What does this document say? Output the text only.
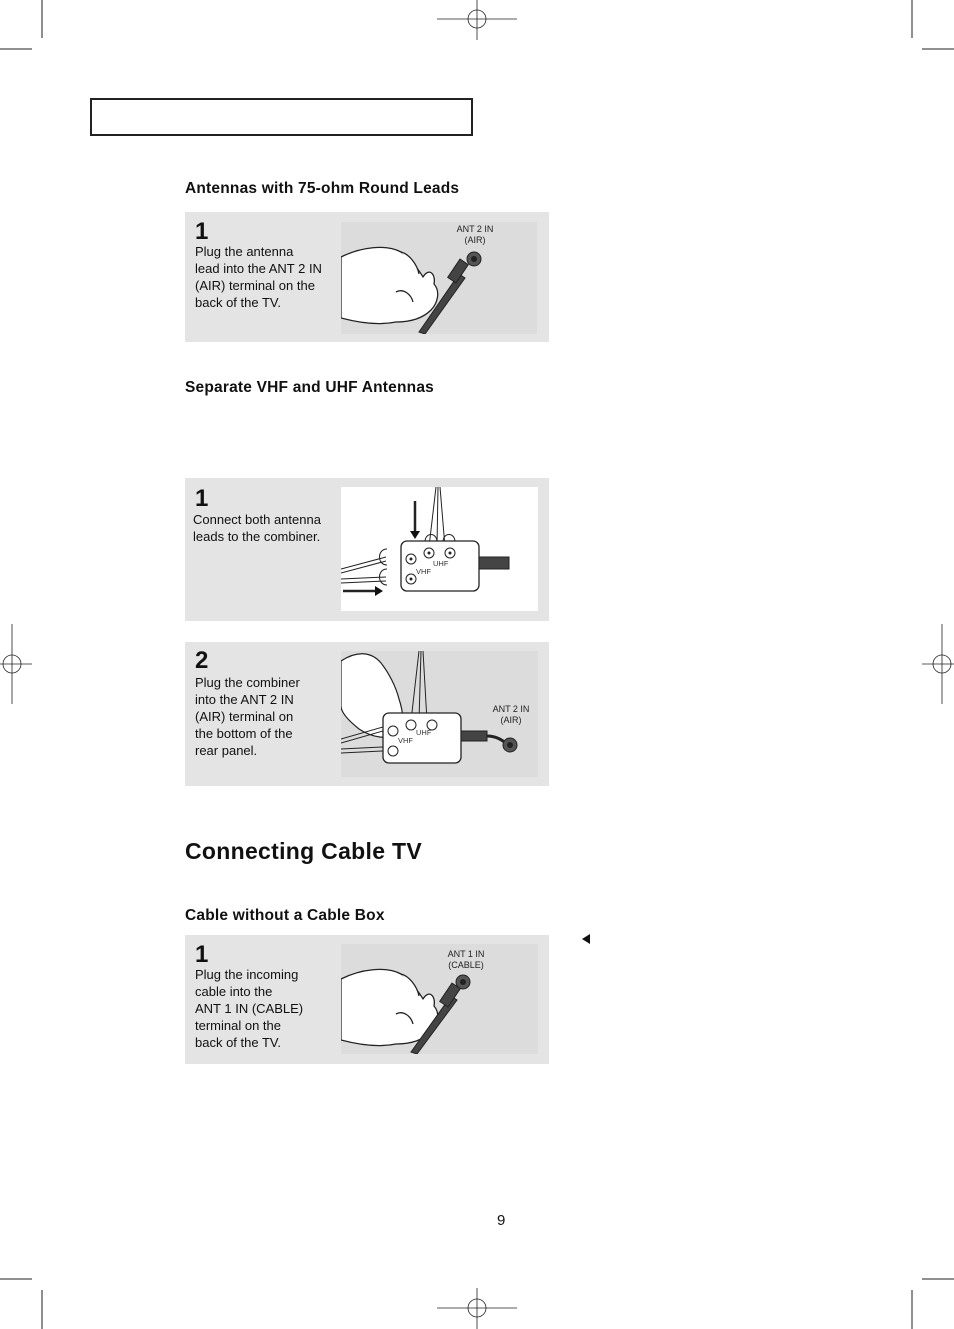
Antennas with 75-ohm Round Leads
1
Plug the antenna
lead into the ANT 2 IN
(AIR) terminal on the
back of the TV.
ANT 2 IN
(AIR)
Separate VHF and UHF Antennas
1
Connect both antenna
leads to the combiner.
UHF
VHF
2
Plug the combiner
into the ANT 2 IN
(AIR) terminal on
the bottom of the
rear panel.
UHF
VHF
ANT 2 IN
(AIR)
Connecting Cable TV
Cable without a Cable Box
1
Plug the incoming
cable into the
ANT 1 IN (CABLE)
terminal on the
back of the TV.
ANT 1 IN
(CABLE)
9
